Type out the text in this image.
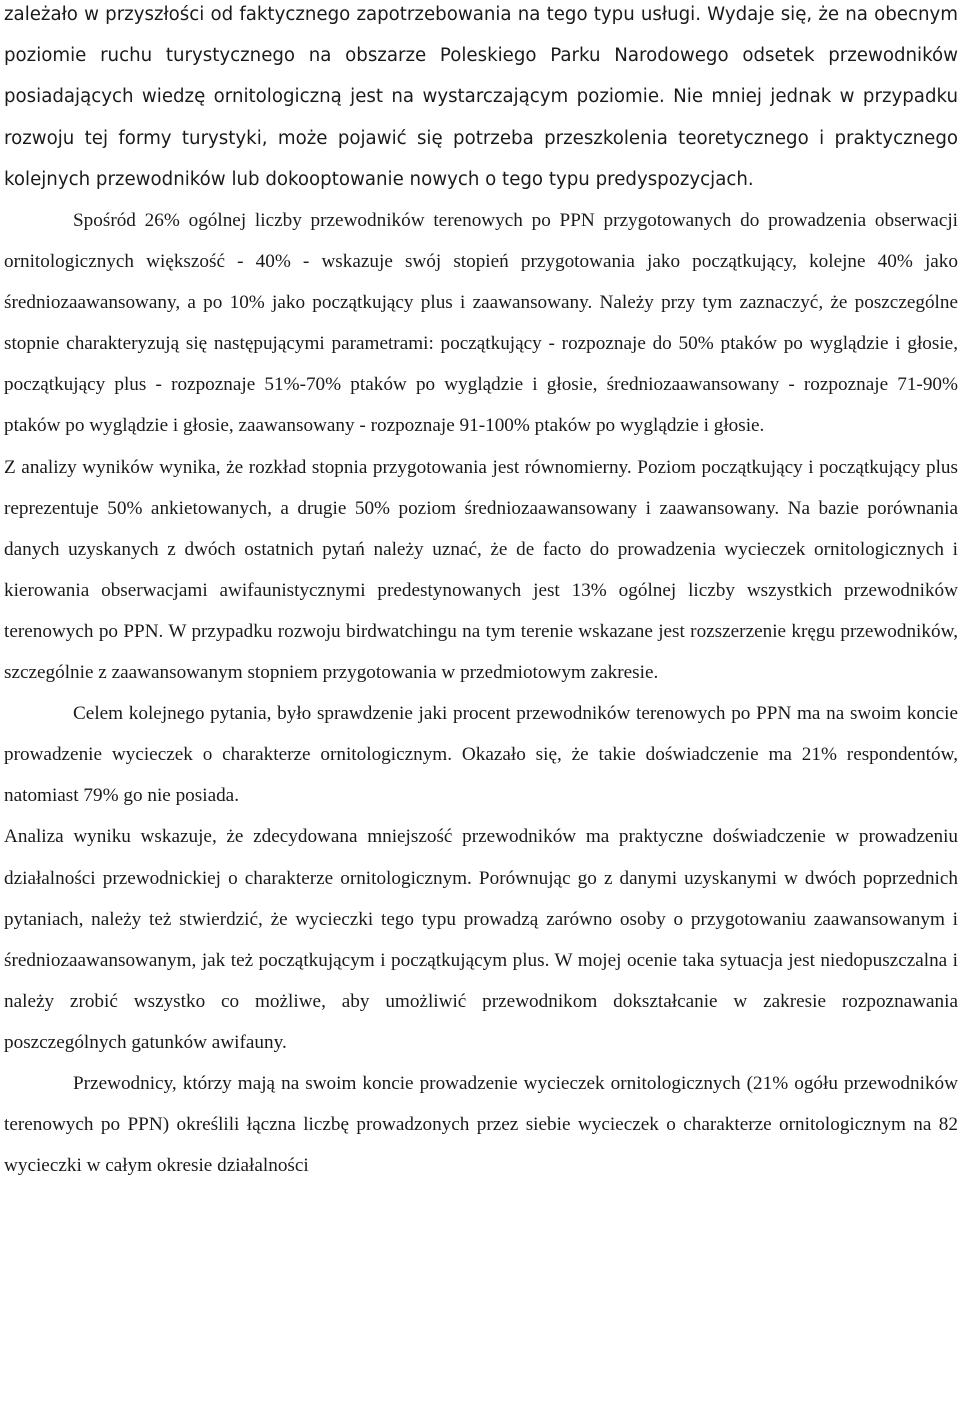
zależało w przyszłości od faktycznego zapotrzebowania na tego typu usługi. Wydaje się, że na obecnym poziomie ruchu turystycznego na obszarze Poleskiego Parku Narodowego odsetek przewodników posiadających wiedzę ornitologiczną jest na wystarczającym poziomie. Nie mniej jednak w przypadku rozwoju tej formy turystyki, może pojawić się potrzeba przeszkolenia teoretycznego i praktycznego kolejnych przewodników lub dokooptowanie nowych o tego typu predyspozycjach.

Spośród 26% ogólnej liczby przewodników terenowych po PPN przygotowanych do prowadzenia obserwacji ornitologicznych większość - 40% - wskazuje swój stopień przygotowania jako początkujący, kolejne 40% jako średniozaawansowany, a po 10% jako początkujący plus i zaawansowany. Należy przy tym zaznaczyć, że poszczególne stopnie charakteryzują się następującymi parametrami: początkujący - rozpoznaje do 50% ptaków po wyglądzie i głosie, początkujący plus - rozpoznaje 51%-70% ptaków po wyglądzie i głosie, średniozaawansowany - rozpoznaje 71-90% ptaków po wyglądzie i głosie, zaawansowany - rozpoznaje 91-100% ptaków po wyglądzie i głosie.

Z analizy wyników wynika, że rozkład stopnia przygotowania jest równomierny. Poziom początkujący i początkujący plus reprezentuje 50% ankietowanych, a drugie 50% poziom średniozaawansowany i zaawansowany. Na bazie porównania danych uzyskanych z dwóch ostatnich pytań należy uznać, że de facto do prowadzenia wycieczek ornitologicznych i kierowania obserwacjami awifaunistycznymi predestynowanych jest 13% ogólnej liczby wszystkich przewodników terenowych po PPN. W przypadku rozwoju birdwatchingu na tym terenie wskazane jest rozszerzenie kręgu przewodników, szczególnie z zaawansowanym stopniem przygotowania w przedmiotowym zakresie.

Celem kolejnego pytania, było sprawdzenie jaki procent przewodników terenowych po PPN ma na swoim koncie prowadzenie wycieczek o charakterze ornitologicznym. Okazało się, że takie doświadczenie ma 21% respondentów, natomiast 79% go nie posiada.

Analiza wyniku wskazuje, że zdecydowana mniejszość przewodników ma praktyczne doświadczenie w prowadzeniu działalności przewodnickiej o charakterze ornitologicznym. Porównując go z danymi uzyskanymi w dwóch poprzednich pytaniach, należy też stwierdzić, że wycieczki tego typu prowadzą zarówno osoby o przygotowaniu zaawansowanym i średniozaawansowanym, jak też początkującym i początkującym plus. W mojej ocenie taka sytuacja jest niedopuszczalna i należy zrobić wszystko co możliwe, aby umożliwić przewodnikom dokształcanie w zakresie rozpoznawania poszczególnych gatunków awifauny.

Przewodnicy, którzy mają na swoim koncie prowadzenie wycieczek ornitologicznych (21% ogółu przewodników terenowych po PPN) określili łączna liczbę prowadzonych przez siebie wycieczek o charakterze ornitologicznym na 82 wycieczki w całym okresie działalności
